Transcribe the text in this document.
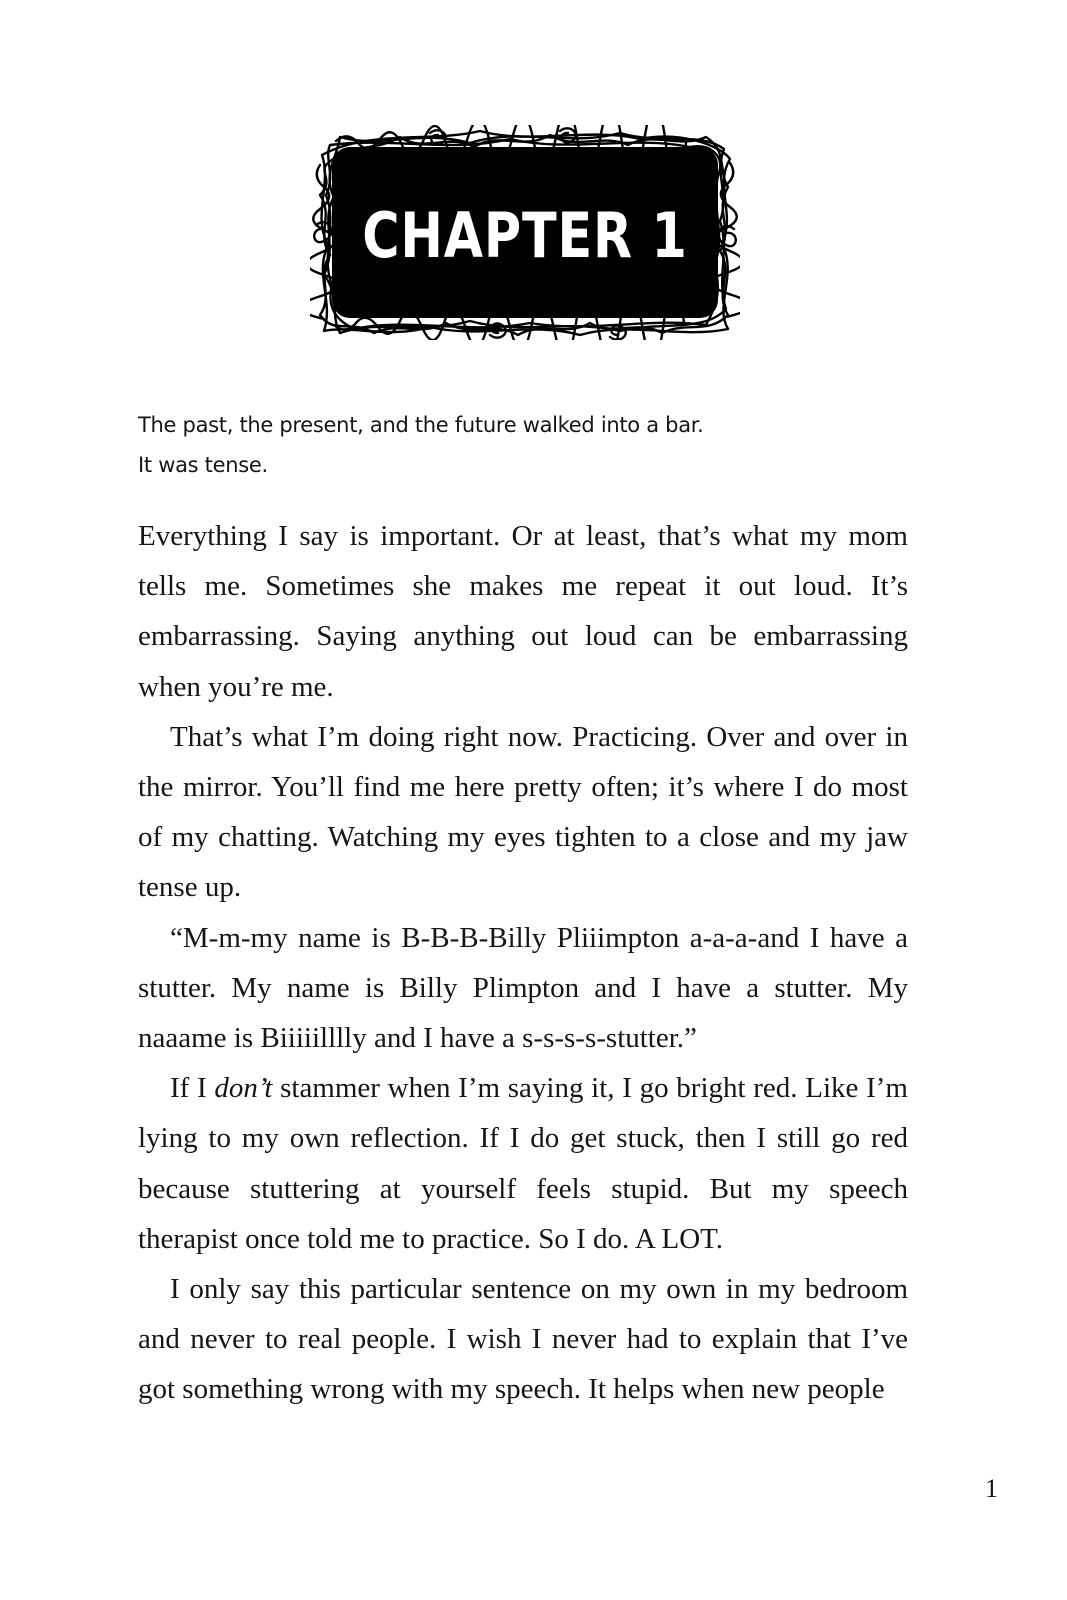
CHAPTER 1
The past, the present, and the future walked into a bar.
It was tense.

Everything I say is important. Or at least, that’s what my mom tells me. Sometimes she makes me repeat it out loud. It’s embarrassing. Saying anything out loud can be embarrassing when you’re me.

That’s what I’m doing right now. Practicing. Over and over in the mirror. You’ll find me here pretty often; it’s where I do most of my chatting. Watching my eyes tighten to a close and my jaw tense up.

“M-m-my name is B-B-B-Billy Pliiimpton a-a-a-and I have a stutter. My name is Billy Plimpton and I have a stutter. My naaame is Biiiiilllly and I have a s-s-s-s-stutter.”

If I don’t stammer when I’m saying it, I go bright red. Like I’m lying to my own reflection. If I do get stuck, then I still go red because stuttering at yourself feels stupid. But my speech therapist once told me to practice. So I do. A LOT.

I only say this particular sentence on my own in my bedroom and never to real people. I wish I never had to explain that I’ve got something wrong with my speech. It helps when new people

1
